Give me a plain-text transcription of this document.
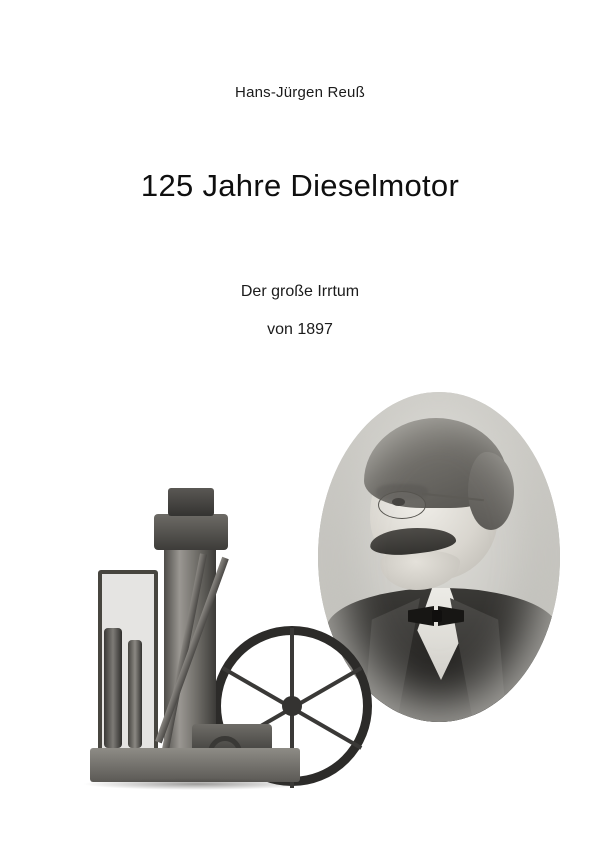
Hans-Jürgen Reuß
125 Jahre Dieselmotor
Der große Irrtum
von 1897
